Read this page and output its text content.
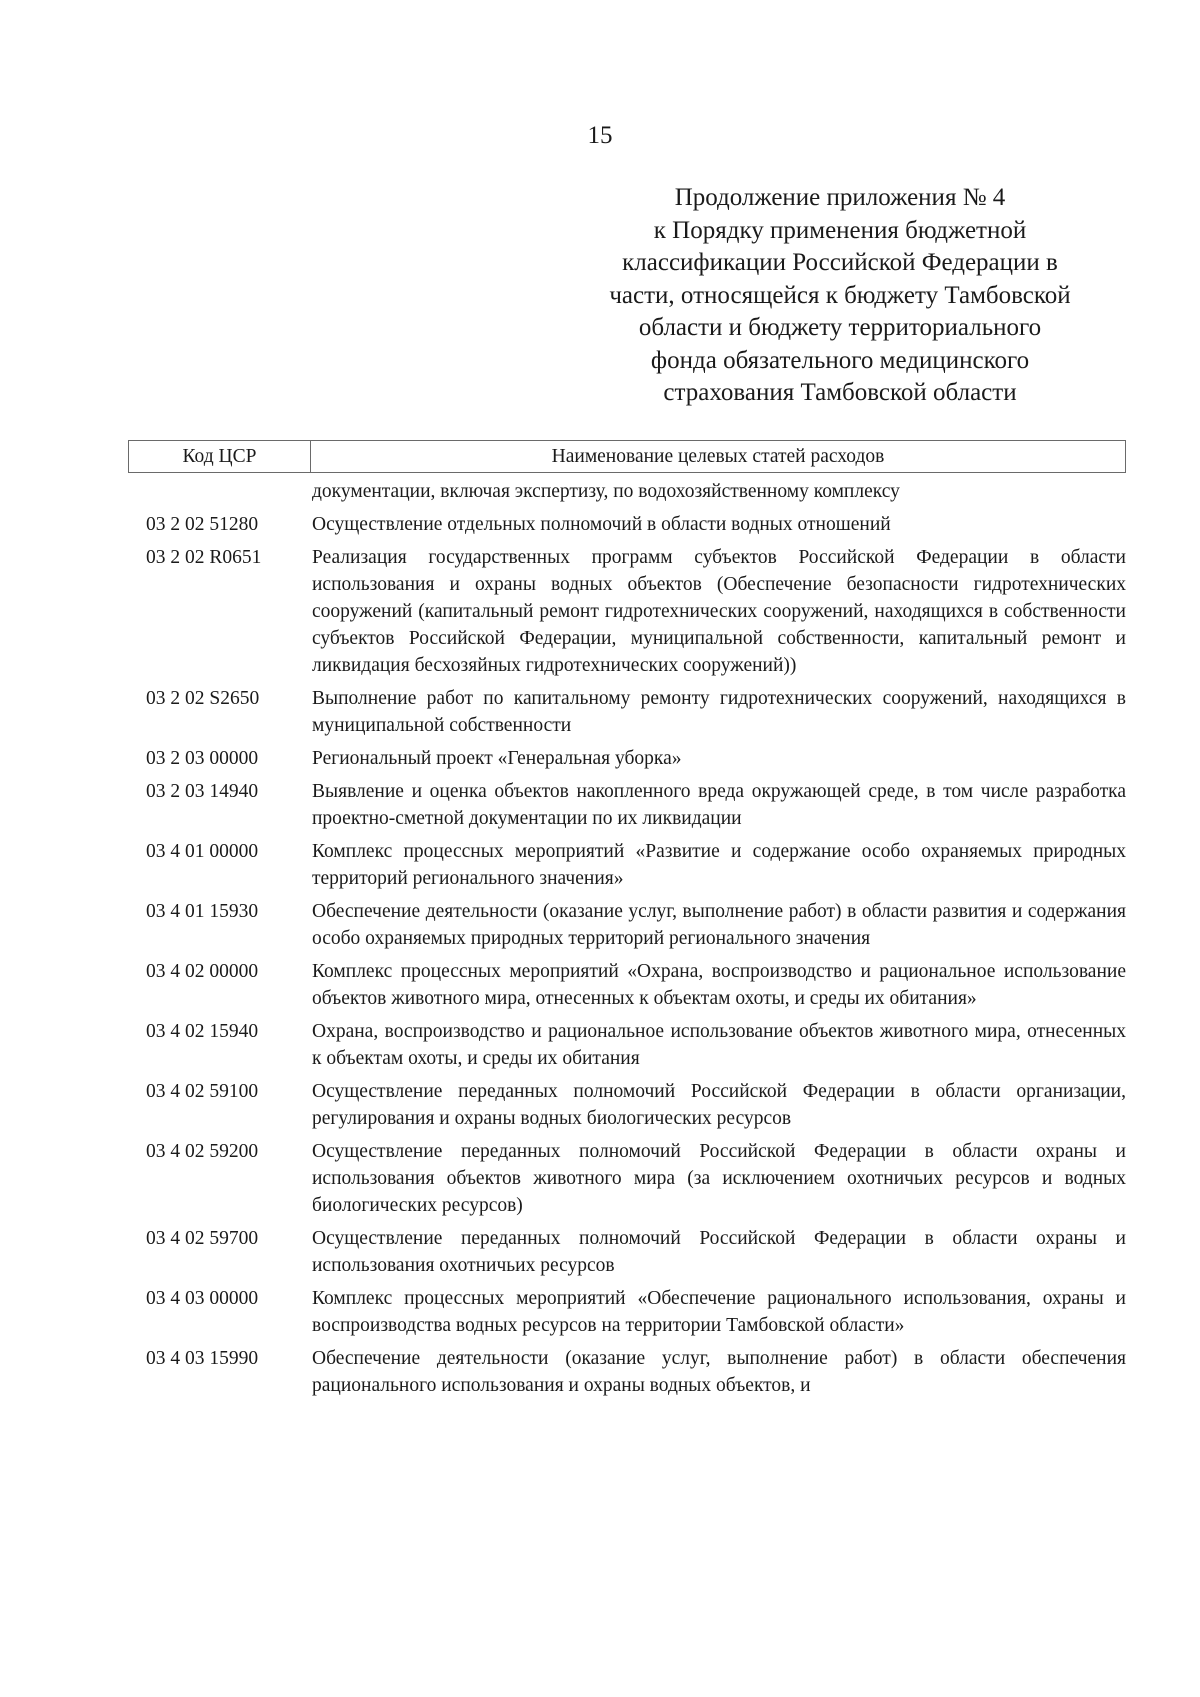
15
Продолжение приложения № 4
к Порядку применения бюджетной
классификации Российской Федерации в
части, относящейся к бюджету Тамбовской
области и бюджету территориального
фонда обязательного медицинского
страхования Тамбовской области
Код ЦСР	Наименование целевых статей расходов
документации, включая экспертизу, по водохозяйственному комплексу
03 2 02 51280	Осуществление отдельных полномочий в области водных отношений
03 2 02 R0651	Реализация государственных программ субъектов Российской Федерации в области использования и охраны водных объектов (Обеспечение безопасности гидротехнических сооружений (капитальный ремонт гидротехнических сооружений, находящихся в собственности субъектов Российской Федерации, муниципальной собственности, капитальный ремонт и ликвидация бесхозяйных гидротехнических сооружений))
03 2 02 S2650	Выполнение работ по капитальному ремонту гидротехнических сооружений, находящихся в муниципальной собственности
03 2 03 00000	Региональный проект «Генеральная уборка»
03 2 03 14940	Выявление и оценка объектов накопленного вреда окружающей среде, в том числе разработка проектно-сметной документации по их ликвидации
03 4 01 00000	Комплекс процессных мероприятий «Развитие и содержание особо охраняемых природных территорий регионального значения»
03 4 01 15930	Обеспечение деятельности (оказание услуг, выполнение работ) в области развития и содержания особо охраняемых природных территорий регионального значения
03 4 02 00000	Комплекс процессных мероприятий «Охрана, воспроизводство и рациональное использование объектов животного мира, отнесенных к объектам охоты, и среды их обитания»
03 4 02 15940	Охрана, воспроизводство и рациональное использование объектов животного мира, отнесенных к объектам охоты, и среды их обитания
03 4 02 59100	Осуществление переданных полномочий Российской Федерации в области организации, регулирования и охраны водных биологических ресурсов
03 4 02 59200	Осуществление переданных полномочий Российской Федерации в области охраны и использования объектов животного мира (за исключением охотничьих ресурсов и водных биологических ресурсов)
03 4 02 59700	Осуществление переданных полномочий Российской Федерации в области охраны и использования охотничьих ресурсов
03 4 03 00000	Комплекс процессных мероприятий «Обеспечение рационального использования, охраны и воспроизводства водных ресурсов на территории Тамбовской области»
03 4 03 15990	Обеспечение деятельности (оказание услуг, выполнение работ) в области обеспечения рационального использования и охраны водных объектов, и
